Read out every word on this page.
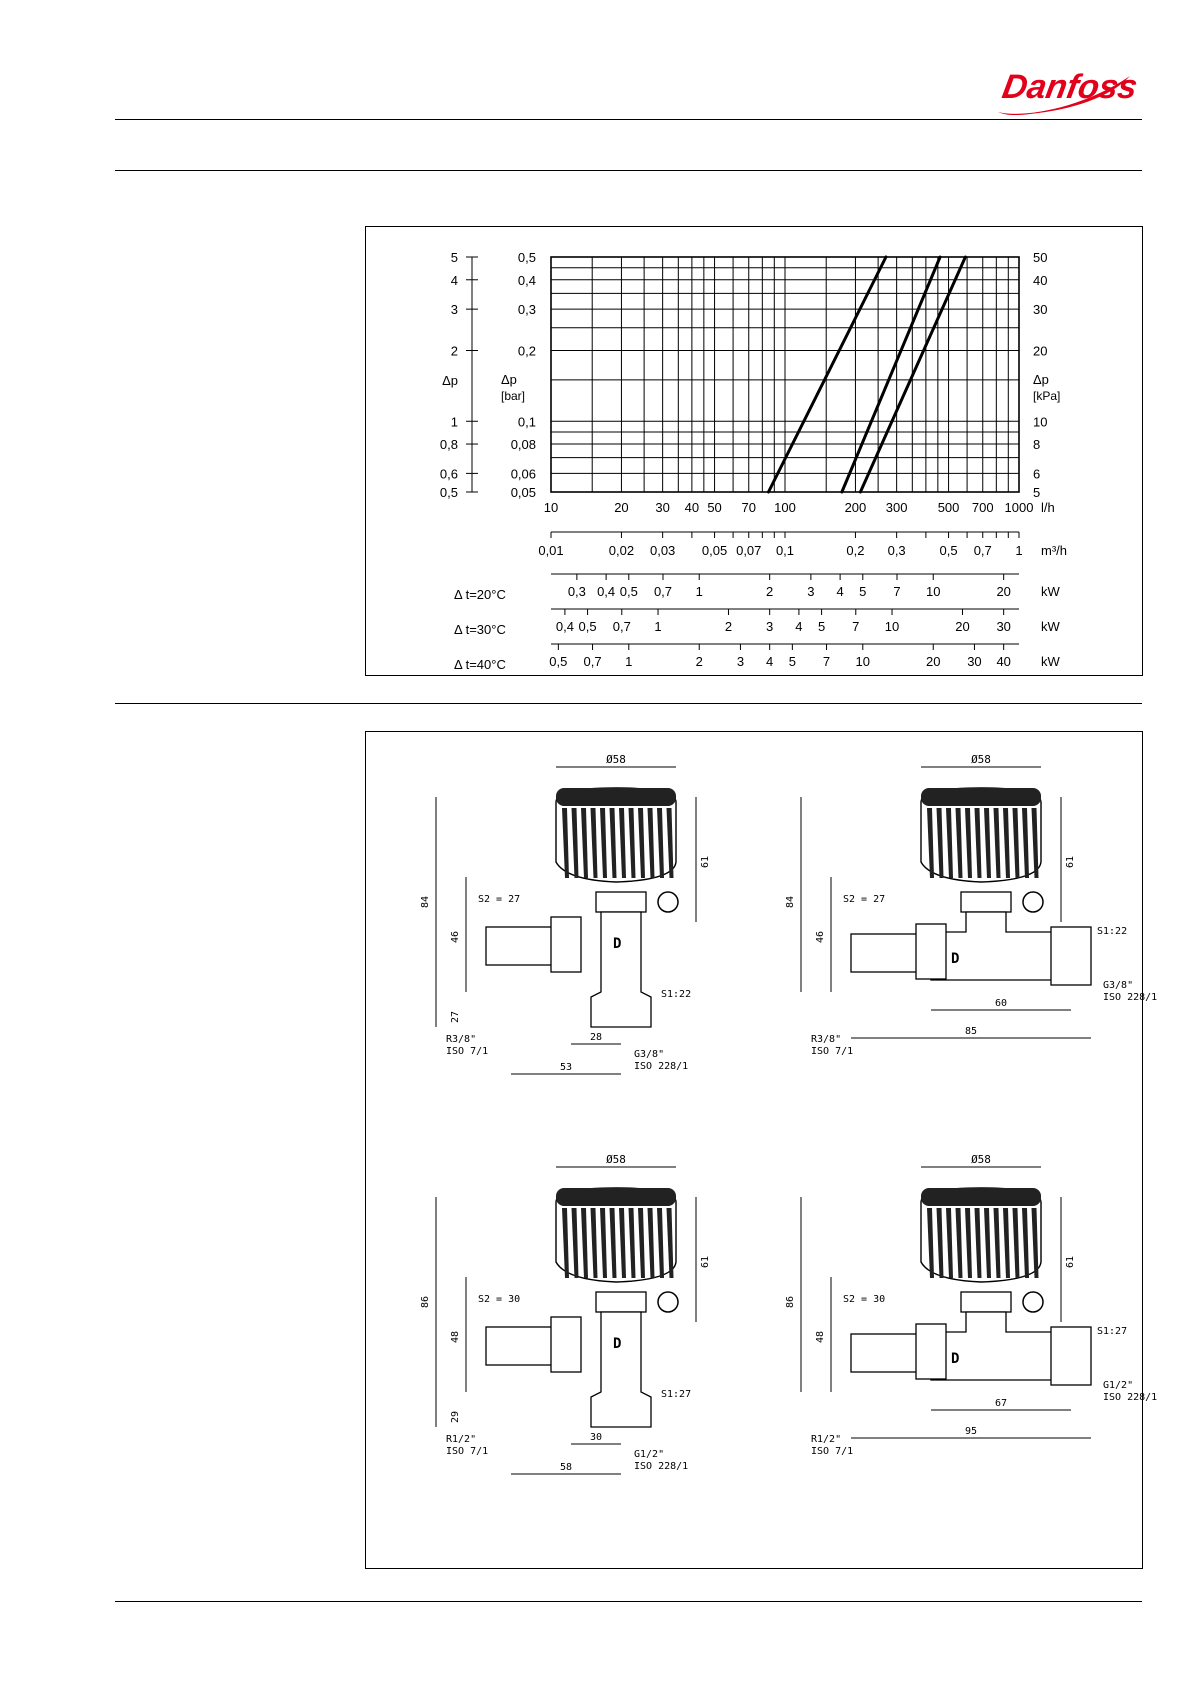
Danfoss
5
4
3
2
1
0,8
0,6
0,5
Δp
0,5
0,4
0,3
0,2
0,1
0,08
0,06
0,05
Δp
[bar]
50
40
30
20
10
8
6
5
Δp
[kPa]
10	20 30 40 50 70 100	200 300 500 700 1000 l/h
0,01	0,02 0,03 0,05 0,07 0,1	0,2 0,3	0,5 0,7 1 m³/h
0,3 0,4 0,5 0,7 1	2	3 4 5 7 10	20
Δ t=20°C	kW
0,4 0,5 0,7 1	2	3 4 5 7 10	20 30
Δ t=30°C	kW
0,5 0,7 1	2	3 4 5 7 10	20 30 40
Δ t=40°C	kW
D
Ø58
84
46
27
61
S2 = 27
S1:22
R3/8"
ISO 7/1	G3/8"
ISO 228/1
28
53
D
Ø58
84
46
61
S2 = 27
S1:22
R3/8"
ISO 7/1
G3/8"
ISO 228/1
60
85
D
Ø58
86
48
29
61
S2 = 30
S1:27
R1/2"
ISO 7/1	G1/2"
ISO 228/1
30
58
D
Ø58
86
48
61
S2 = 30
S1:27
R1/2"
ISO 7/1
G1/2"
ISO 228/1
67
95
